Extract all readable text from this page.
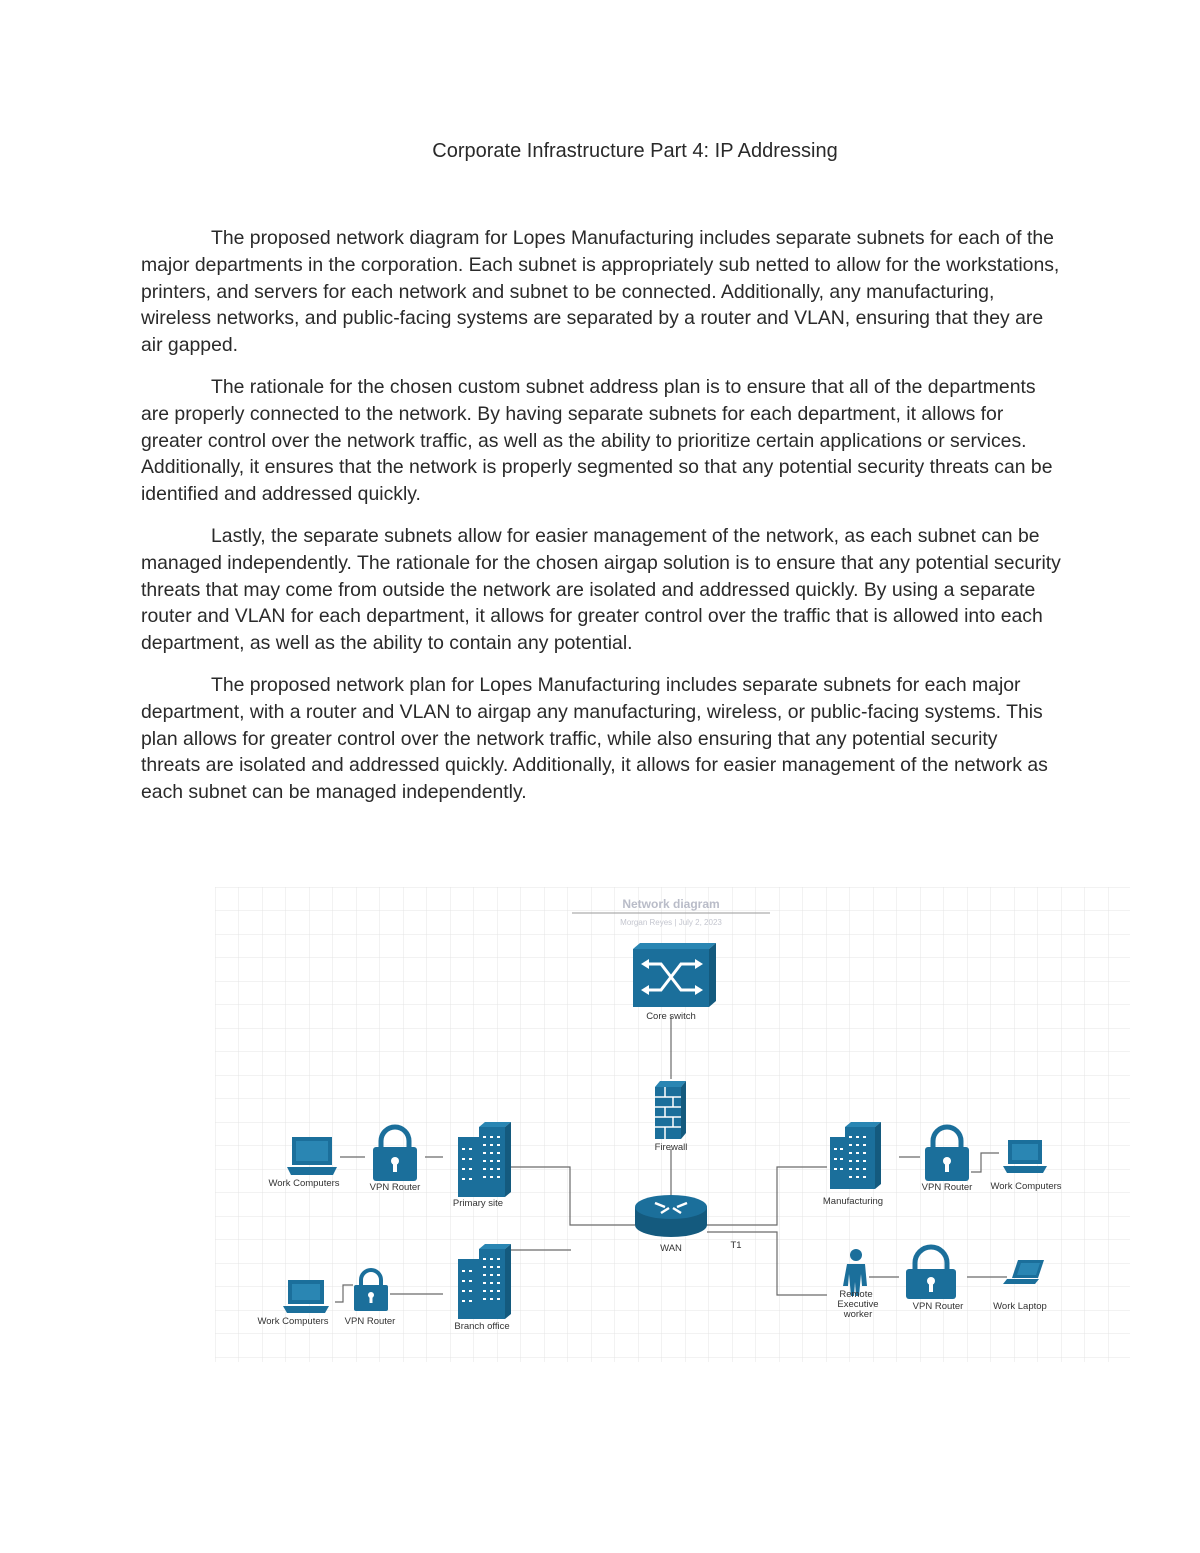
Corporate Infrastructure Part 4: IP Addressing

The proposed network diagram for Lopes Manufacturing includes separate subnets for each of the major departments in the corporation. Each subnet is appropriately sub netted to allow for the workstations, printers, and servers for each network and subnet to be connected. Additionally, any manufacturing, wireless networks, and public-facing systems are separated by a router and VLAN, ensuring that they are air gapped.

The rationale for the chosen custom subnet address plan is to ensure that all of the departments are properly connected to the network. By having separate subnets for each department, it allows for greater control over the network traffic, as well as the ability to prioritize certain applications or services. Additionally, it ensures that the network is properly segmented so that any potential security threats can be identified and addressed quickly.

Lastly, the separate subnets allow for easier management of the network, as each subnet can be managed independently. The rationale for the chosen airgap solution is to ensure that any potential security threats that may come from outside the network are isolated and addressed quickly. By using a separate router and VLAN for each department, it allows for greater control over the traffic that is allowed into each department, as well as the ability to contain any potential.

The proposed network plan for Lopes Manufacturing includes separate subnets for each major department, with a router and VLAN to airgap any manufacturing, wireless, or public-facing systems. This plan allows for greater control over the network traffic, while also ensuring that any potential security threats are isolated and addressed quickly. Additionally, it allows for easier management of the network as each subnet can be managed independently.

Network diagram
Morgan Reyes | July 2, 2023
Core switch
Firewall
WAN	T1
Primary site
Branch office
Manufacturing
Remote
Executive
worker
VPN Router
VPN Router
VPN Router
VPN Router
Work Computers
Work Computers
Work Computers
Work Laptop
